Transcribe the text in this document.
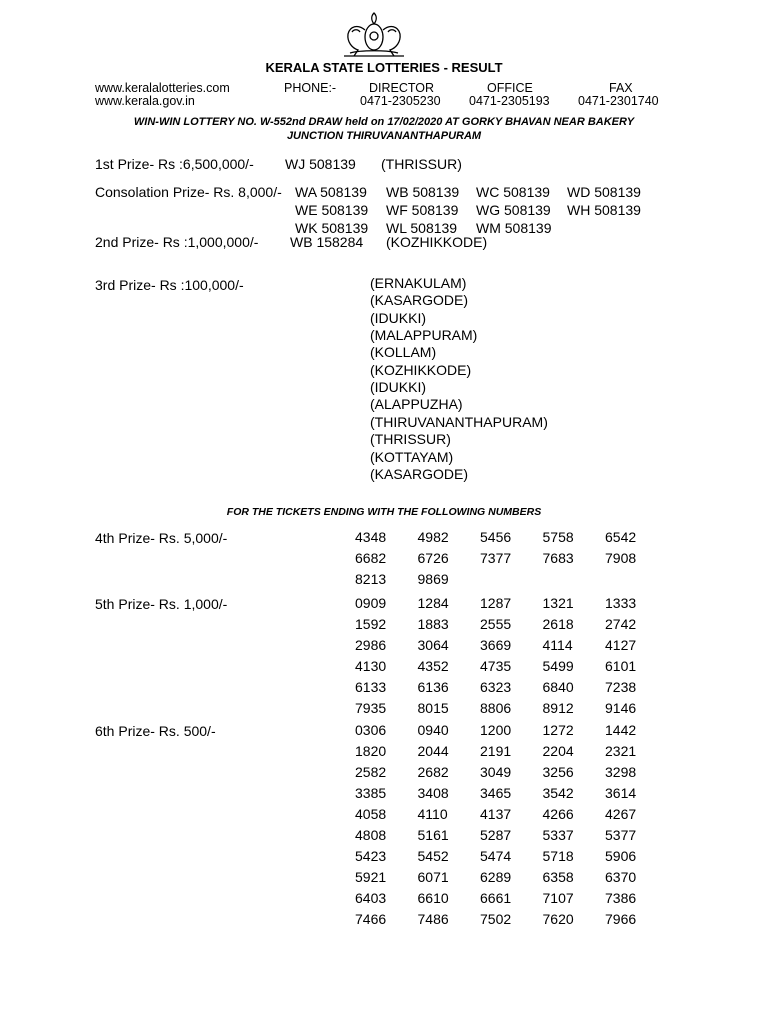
KERALA STATE LOTTERIES - RESULT
www.keralalotteries.com
www.kerala.gov.in
PHONE:-	DIRECTOR
0471-2305230
OFFICE
0471-2305193
FAX
0471-2301740
WIN-WIN LOTTERY NO. W-552nd DRAW held on 17/02/2020 AT GORKY BHAVAN NEAR BAKERY
JUNCTION THIRUVANANTHAPURAM
1st Prize- Rs :6,500,000/- WJ 508139 (THRISSUR)
Consolation Prize- Rs. 8,000/- WA 508139 WB 508139 WC 508139 WD 508139
WE 508139 WF 508139 WG 508139 WH 508139
WK 508139 WL 508139 WM 508139
2nd Prize- Rs :1,000,000/- WB 158284 (KOZHIKKODE)
3rd Prize- Rs :100,000/-	(ERNAKULAM)
(KASARGODE)
(IDUKKI)
(MALAPPURAM)
(KOLLAM)
(KOZHIKKODE)
(IDUKKI)
(ALAPPUZHA)
(THIRUVANANTHAPURAM)
(THRISSUR)
(KOTTAYAM)
(KASARGODE)
FOR THE TICKETS ENDING WITH THE FOLLOWING NUMBERS
4th Prize- Rs. 5,000/-	4348 4982 5456 5758 6542
6682 6726 7377 7683 7908
8213 9869
5th Prize- Rs. 1,000/-	0909 1284 1287 1321 1333
1592 1883 2555 2618 2742
2986 3064 3669 4114 4127
4130 4352 4735 5499 6101
6133 6136 6323 6840 7238
7935 8015 8806 8912 9146
6th Prize- Rs. 500/-	0306 0940 1200 1272 1442
1820 2044 2191 2204 2321
2582 2682 3049 3256 3298
3385 3408 3465 3542 3614
4058 4110 4137 4266 4267
4808 5161 5287 5337 5377
5423 5452 5474 5718 5906
5921 6071 6289 6358 6370
6403 6610 6661 7107 7386
7466 7486 7502 7620 7966
